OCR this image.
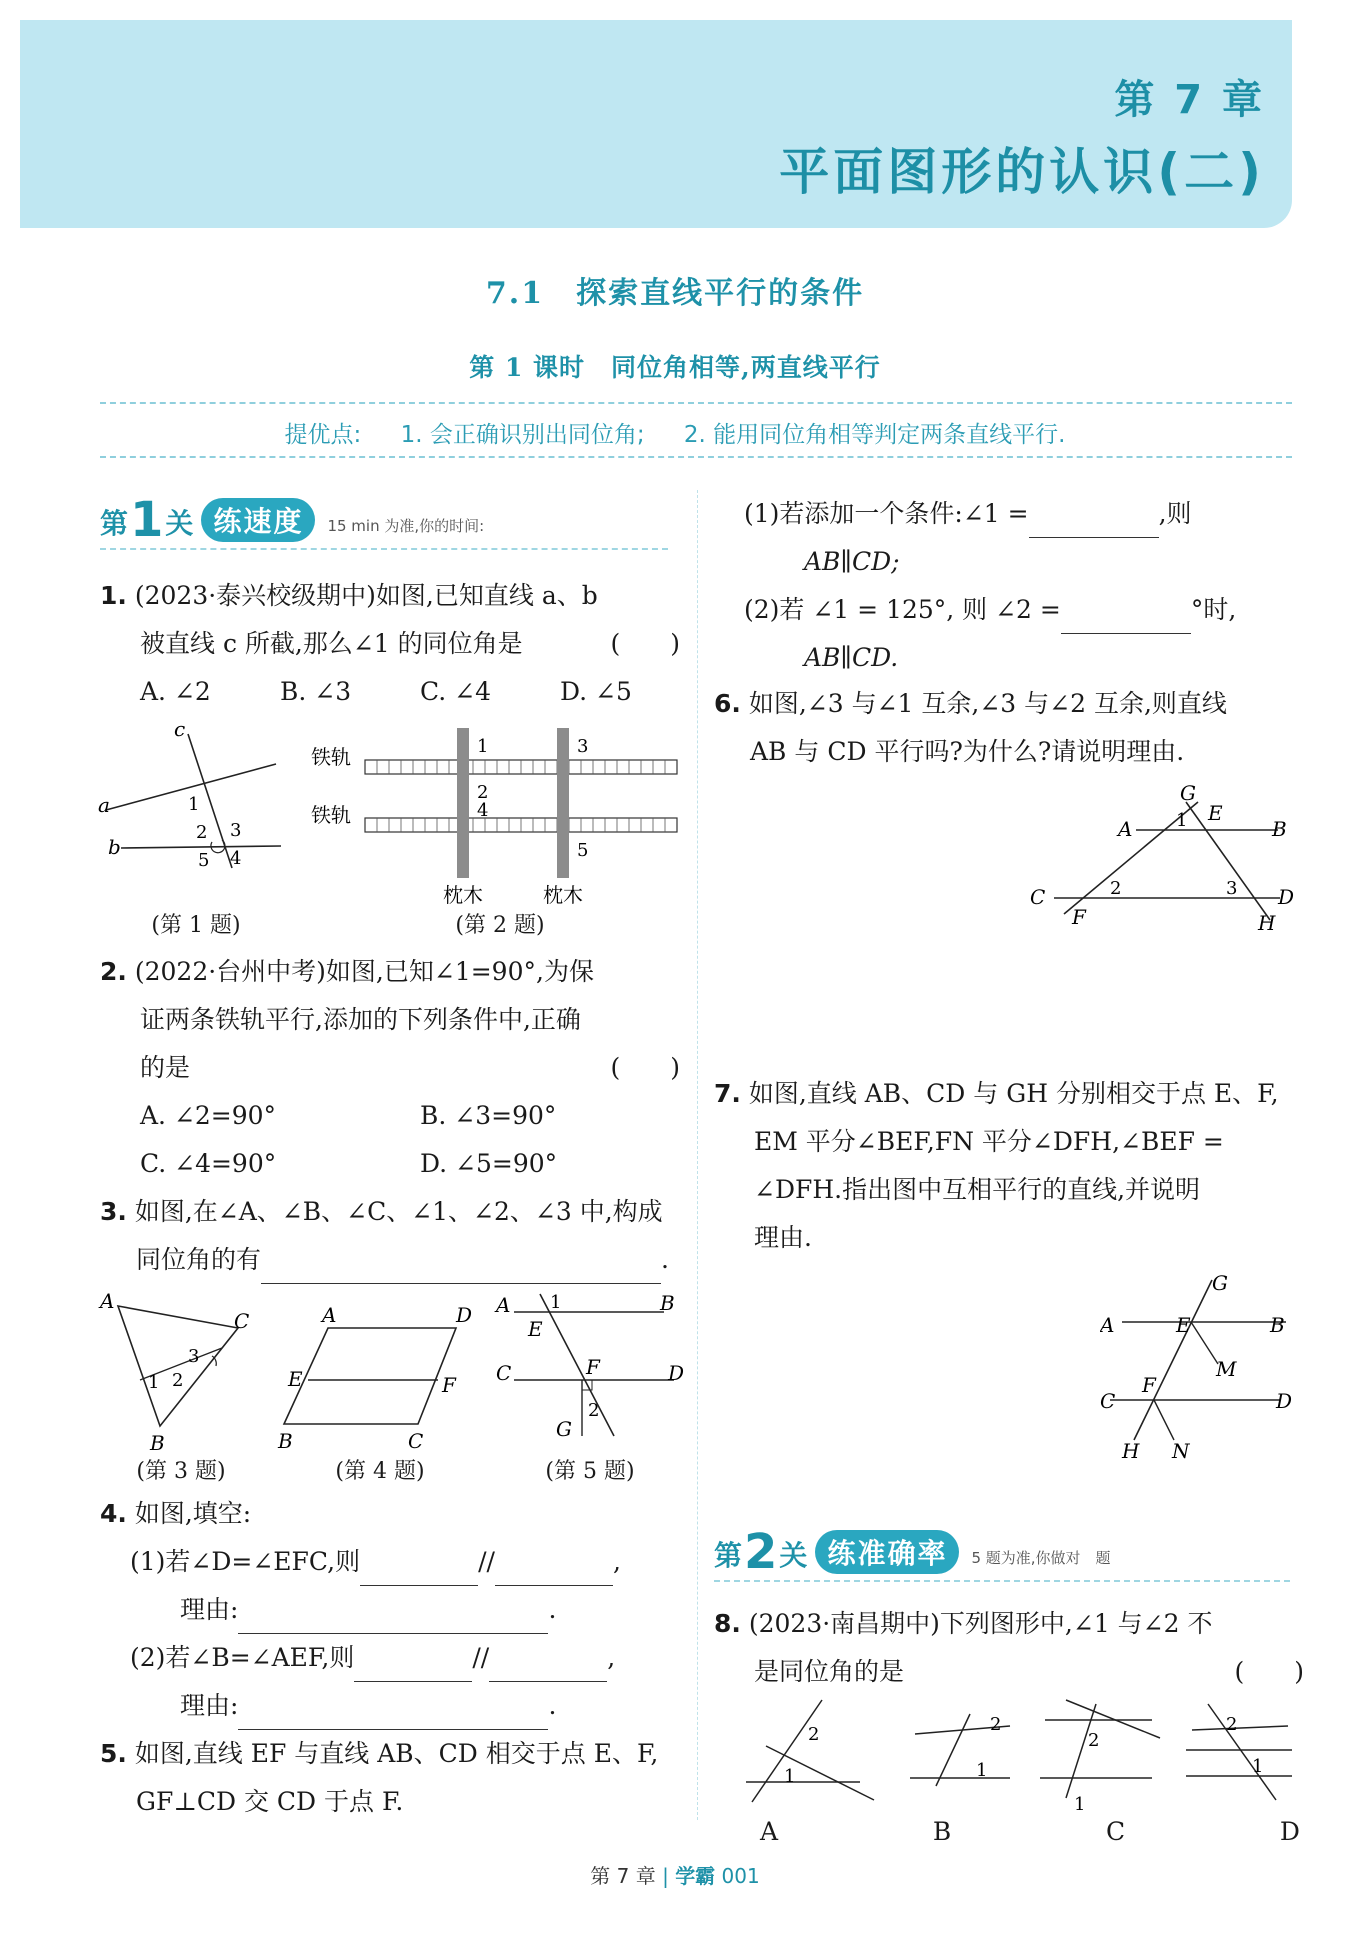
第 7 章
平面图形的认识(二)
7.1　探索直线平行的条件
第 1 课时　同位角相等,两直线平行
提优点: 1. 会正确识别出同位角; 2. 能用同位角相等判定两条直线平行.
第 1 关 练速度	15 min 为准,你的时间:
1. (2023·泰兴校级期中)如图,已知直线 a、b
被直线 c 所截,那么∠1 的同位角是	(　　)
A. ∠2	B. ∠3	C. ∠4	D. ∠5
c
a
b
1
2 3
4
5
(第 1 题)
铁轨
铁轨
1	3
2
4
5
枕木	枕木
(第 2 题)
2. (2022·台州中考)如图,已知∠1=90°,为保
证两条铁轨平行,添加的下列条件中,正确
的是	(　　)
A. ∠2=90°	B. ∠3=90°
C. ∠4=90°	D. ∠5=90°
3. 如图,在∠A、∠B、∠C、∠1、∠2、∠3 中,构成
同位角的有	.
A
C
B
1 2
3
(第 3 题)
A	D
E	F
B	C
(第 4 题)
A	B
1
E
C	D
F
2
G
(第 5 题)
4. 如图,填空:
(1)若∠D=∠EFC,则	//	,
理由:	.
(2)若∠B=∠AEF,则	//	,
理由:	.
5. 如图,直线 EF 与直线 AB、CD 相交于点 E、F,
GF⊥CD 交 CD 于点 F.
(1)若添加一个条件:∠1 =	,则
AB∥CD;
(2)若 ∠1 = 125°, 则 ∠2 =	°时,
AB∥CD.
6. 如图,∠3 与∠1 互余,∠3 与∠2 互余,则直线
AB 与 CD 平行吗?为什么?请说明理由.
A	B
C	D
G
E
F	H
1
2	3
7. 如图,直线 AB、CD 与 GH 分别相交于点 E、F,
EM 平分∠BEF,FN 平分∠DFH,∠BEF =
∠DFH.指出图中互相平行的直线,并说明
理由.
A	E	B
G
M
C
F
D
H N
第 2 关 练准确率	5 题为准,你做对　题
8. (2023·南昌期中)下列图形中,∠1 与∠2 不
是同位角的是	(　　)
1
2
1
2
2
1
2
1
A	B	C	D
第 7 章 | 学霸 001
